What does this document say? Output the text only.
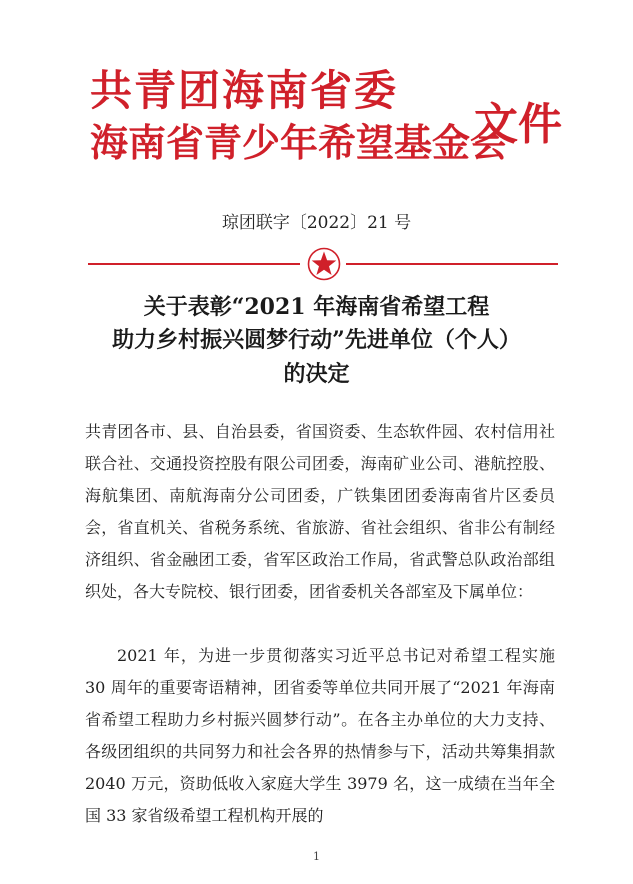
共青团海南省委
海南省青少年希望基金会
文件
琼团联字〔2022〕21 号
关于表彰“2021 年海南省希望工程
助力乡村振兴圆梦行动”先进单位（个人）
的决定
共青团各市、县、自治县委，省国资委、生态软件园、农村信用社联合社、交通投资控股有限公司团委，海南矿业公司、港航控股、海航集团、南航海南分公司团委，广铁集团团委海南省片区委员会，省直机关、省税务系统、省旅游、省社会组织、省非公有制经济组织、省金融团工委，省军区政治工作局，省武警总队政治部组织处，各大专院校、银行团委，团省委机关各部室及下属单位：
2021 年，为进一步贯彻落实习近平总书记对希望工程实施 30 周年的重要寄语精神，团省委等单位共同开展了“2021 年海南省希望工程助力乡村振兴圆梦行动”。在各主办单位的大力支持、各级团组织的共同努力和社会各界的热情参与下，活动共筹集捐款 2040 万元，资助低收入家庭大学生 3979 名，这一成绩在当年全国 33 家省级希望工程机构开展的
1
